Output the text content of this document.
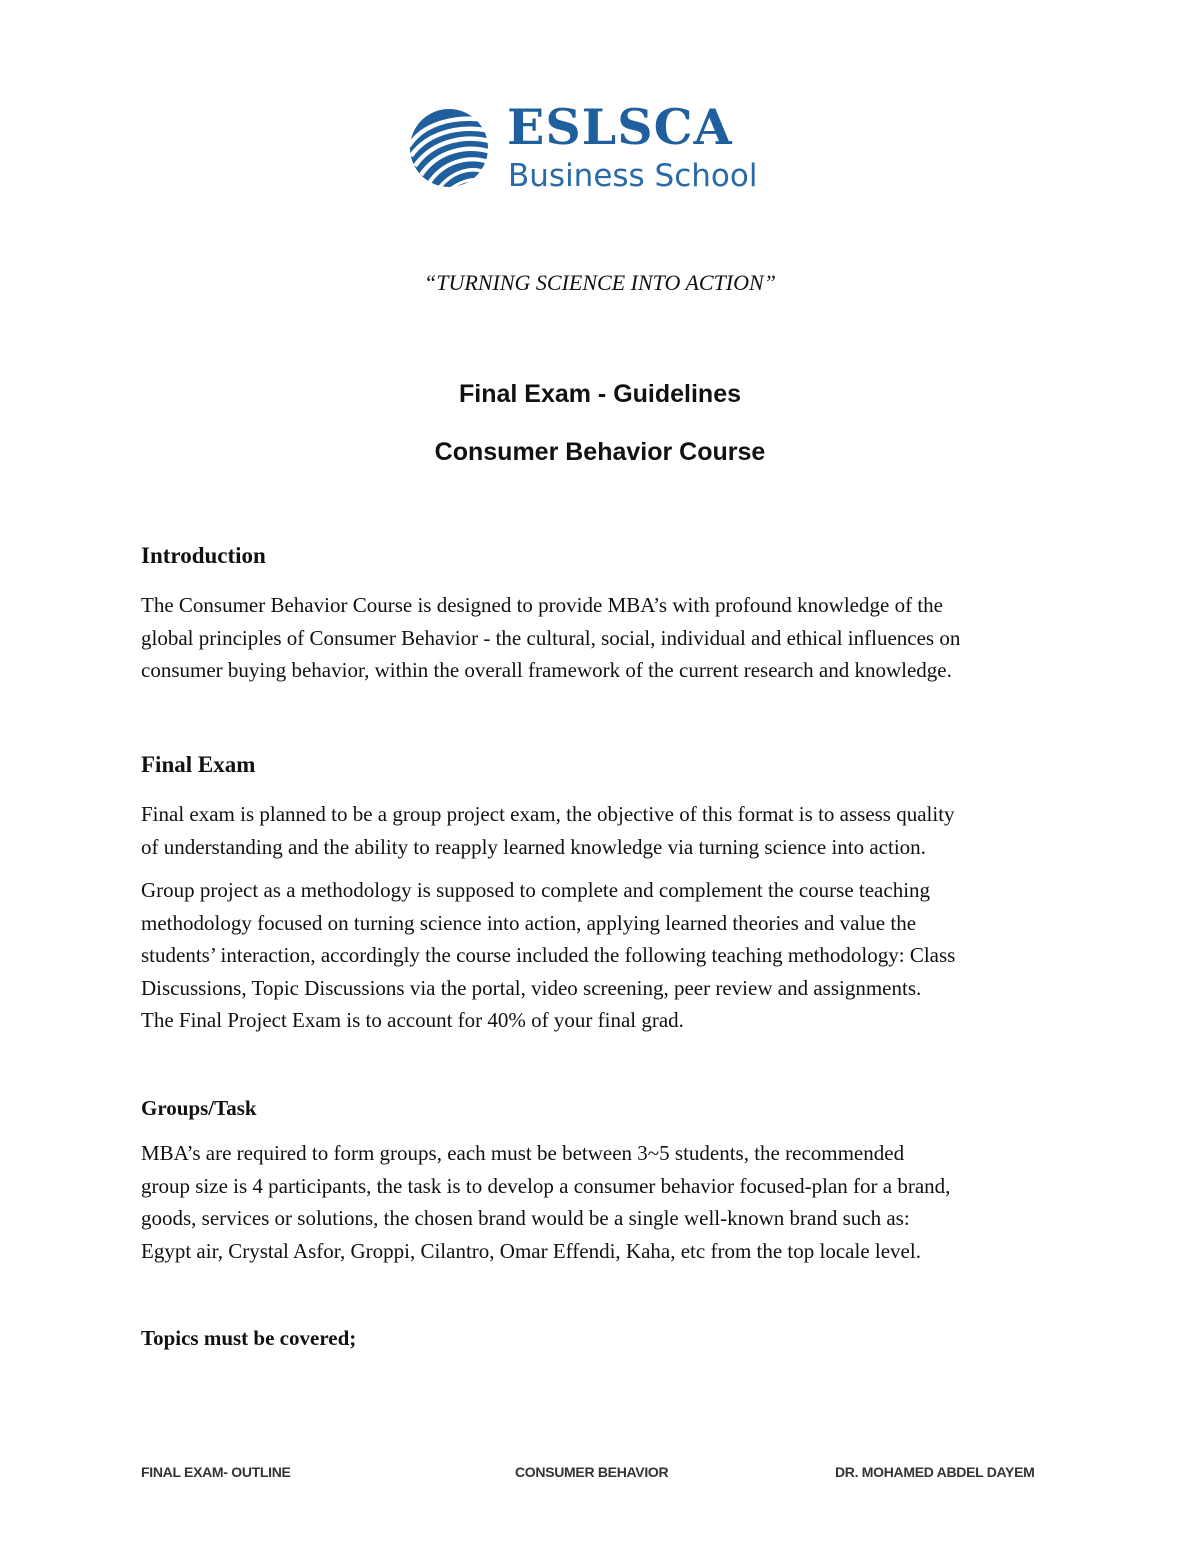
ESLSCA
Business School
“TURNING SCIENCE INTO ACTION”
Final Exam - Guidelines
Consumer Behavior Course
Introduction

The Consumer Behavior Course is designed to provide MBA’s with profound knowledge of the
global principles of Consumer Behavior - the cultural, social, individual and ethical influences on
consumer buying behavior, within the overall framework of the current research and knowledge.

Final Exam

Final exam is planned to be a group project exam, the objective of this format is to assess quality
of understanding and the ability to reapply learned knowledge via turning science into action.

Group project as a methodology is supposed to complete and complement the course teaching
methodology focused on turning science into action, applying learned theories and value the
students’ interaction, accordingly the course included the following teaching methodology: Class
Discussions, Topic Discussions via the portal, video screening, peer review and assignments.
The Final Project Exam is to account for 40% of your final grad.

Groups/Task

MBA’s are required to form groups, each must be between 3~5 students, the recommended
group size is 4 participants, the task is to develop a consumer behavior focused-plan for a brand,
goods, services or solutions, the chosen brand would be a single well-known brand such as:
Egypt air, Crystal Asfor, Groppi, Cilantro, Omar Effendi, Kaha, etc from the top locale level.

Topics must be covered;
FINAL EXAM- OUTLINE	CONSUMER BEHAVIOR	DR. MOHAMED ABDEL DAYEM
